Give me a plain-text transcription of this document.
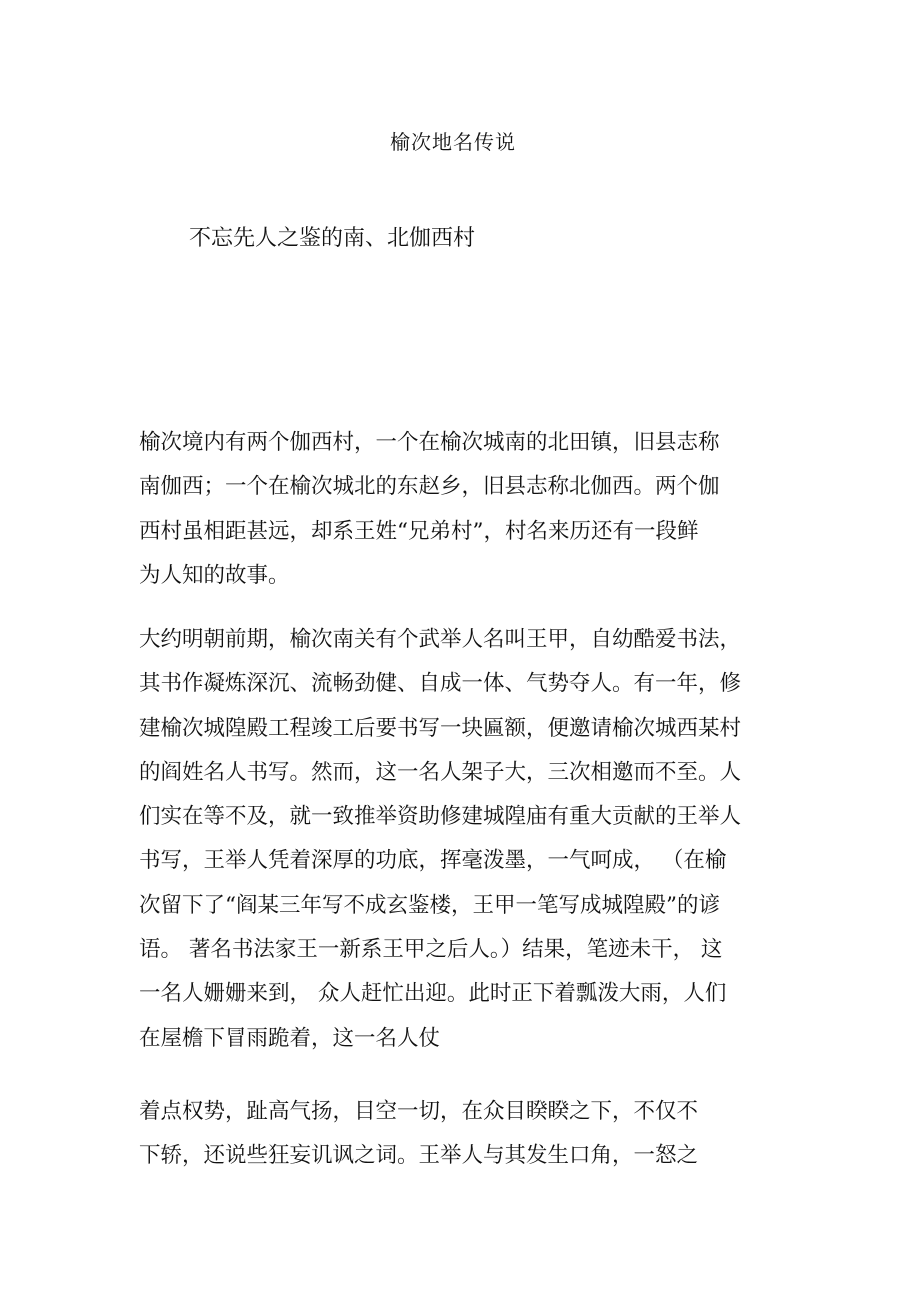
榆次地名传说
不忘先人之鉴的南、北伽西村

榆次境内有两个伽西村，一个在榆次城南的北田镇，旧县志称
南伽西；一个在榆次城北的东赵乡，旧县志称北伽西。两个伽
西村虽相距甚远，却系王姓“兄弟村”，村名来历还有一段鲜
为人知的故事。

大约明朝前期，榆次南关有个武举人名叫王甲，自幼酷爱书法，
其书作凝炼深沉、流畅劲健、自成一体、气势夺人。有一年，修
建榆次城隍殿工程竣工后要书写一块匾额，便邀请榆次城西某村
的阎姓名人书写。然而，这一名人架子大，三次相邀而不至。人
们实在等不及，就一致推举资助修建城隍庙有重大贡献的王举人
书写，王举人凭着深厚的功底，挥毫泼墨，一气呵成， （在榆
次留下了“阎某三年写不成玄鉴楼，王甲一笔写成城隍殿”的谚
语。 著名书法家王一新系王甲之后人。）结果，笔迹未干， 这
一名人姗姗来到， 众人赶忙出迎。此时正下着瓢泼大雨，人们
在屋檐下冒雨跪着，这一名人仗

着点权势，趾高气扬，目空一切，在众目睽睽之下，不仅不
下轿，还说些狂妄讥讽之词。王举人与其发生口角，一怒之
